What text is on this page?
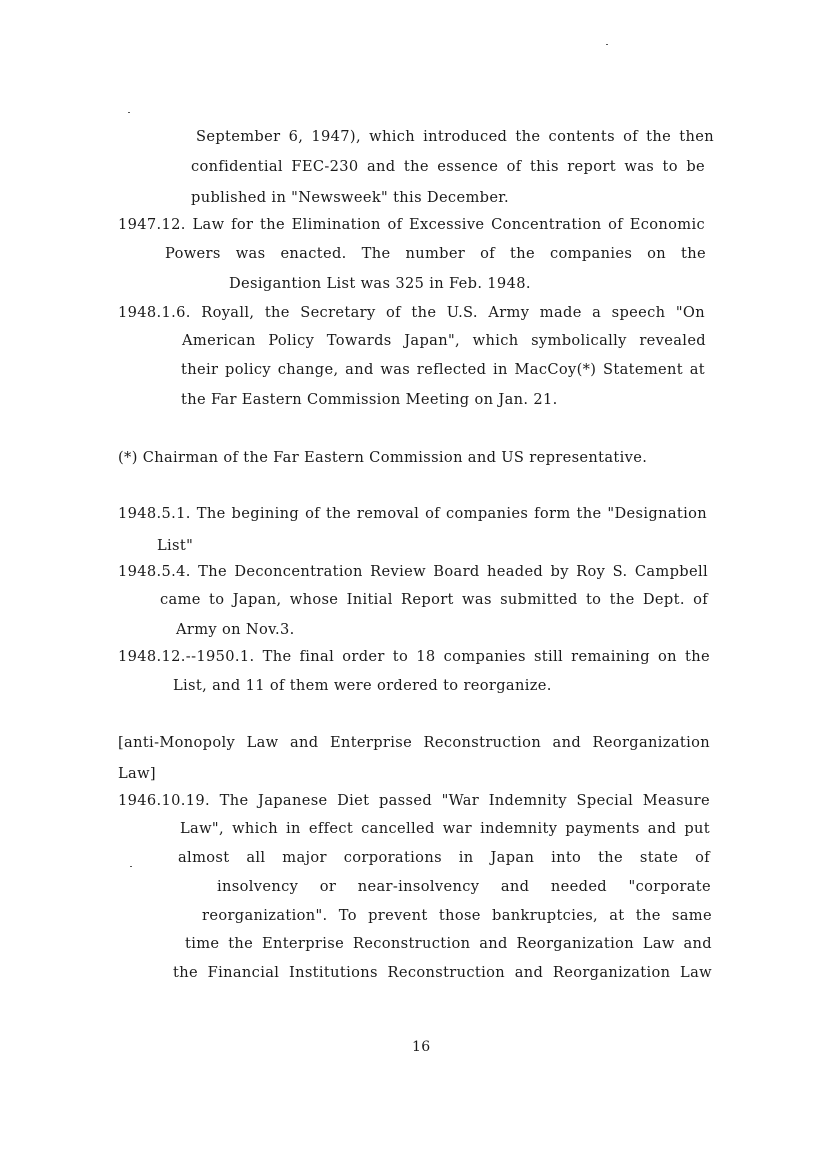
September 6, 1947), which introduced the contents of the then
confidential FEC-230 and the essence of this report was to be
published in "Newsweek" this December.
1947.12. Law for the Elimination of Excessive Concentration of Economic
Powers was enacted. The number of the companies on the
Desigantion List was 325 in Feb. 1948.
1948.1.6. Royall, the Secretary of the U.S. Army made a speech "On
American Policy Towards Japan", which symbolically revealed
their policy change, and was reflected in MacCoy(*) Statement at
the Far Eastern Commission Meeting on Jan. 21.
(*) Chairman of the Far Eastern Commission and US representative.
1948.5.1. The begining of the removal of companies form the "Designation
List"
1948.5.4. The Deconcentration Review Board headed by Roy S. Campbell
came to Japan, whose Initial Report was submitted to the Dept. of
Army on Nov.3.
1948.12.--1950.1. The final order to 18 companies still remaining on the
List, and 11 of them were ordered to reorganize.
[anti-Monopoly Law and Enterprise Reconstruction and Reorganization
Law]
1946.10.19. The Japanese Diet passed "War Indemnity Special Measure
Law", which in effect cancelled war indemnity payments and put
almost all major corporations in Japan into the state of
insolvency or near-insolvency and needed "corporate
reorganization". To prevent those bankruptcies, at the same
time the Enterprise Reconstruction and Reorganization Law and
the Financial Institutions Reconstruction and Reorganization Law
16
